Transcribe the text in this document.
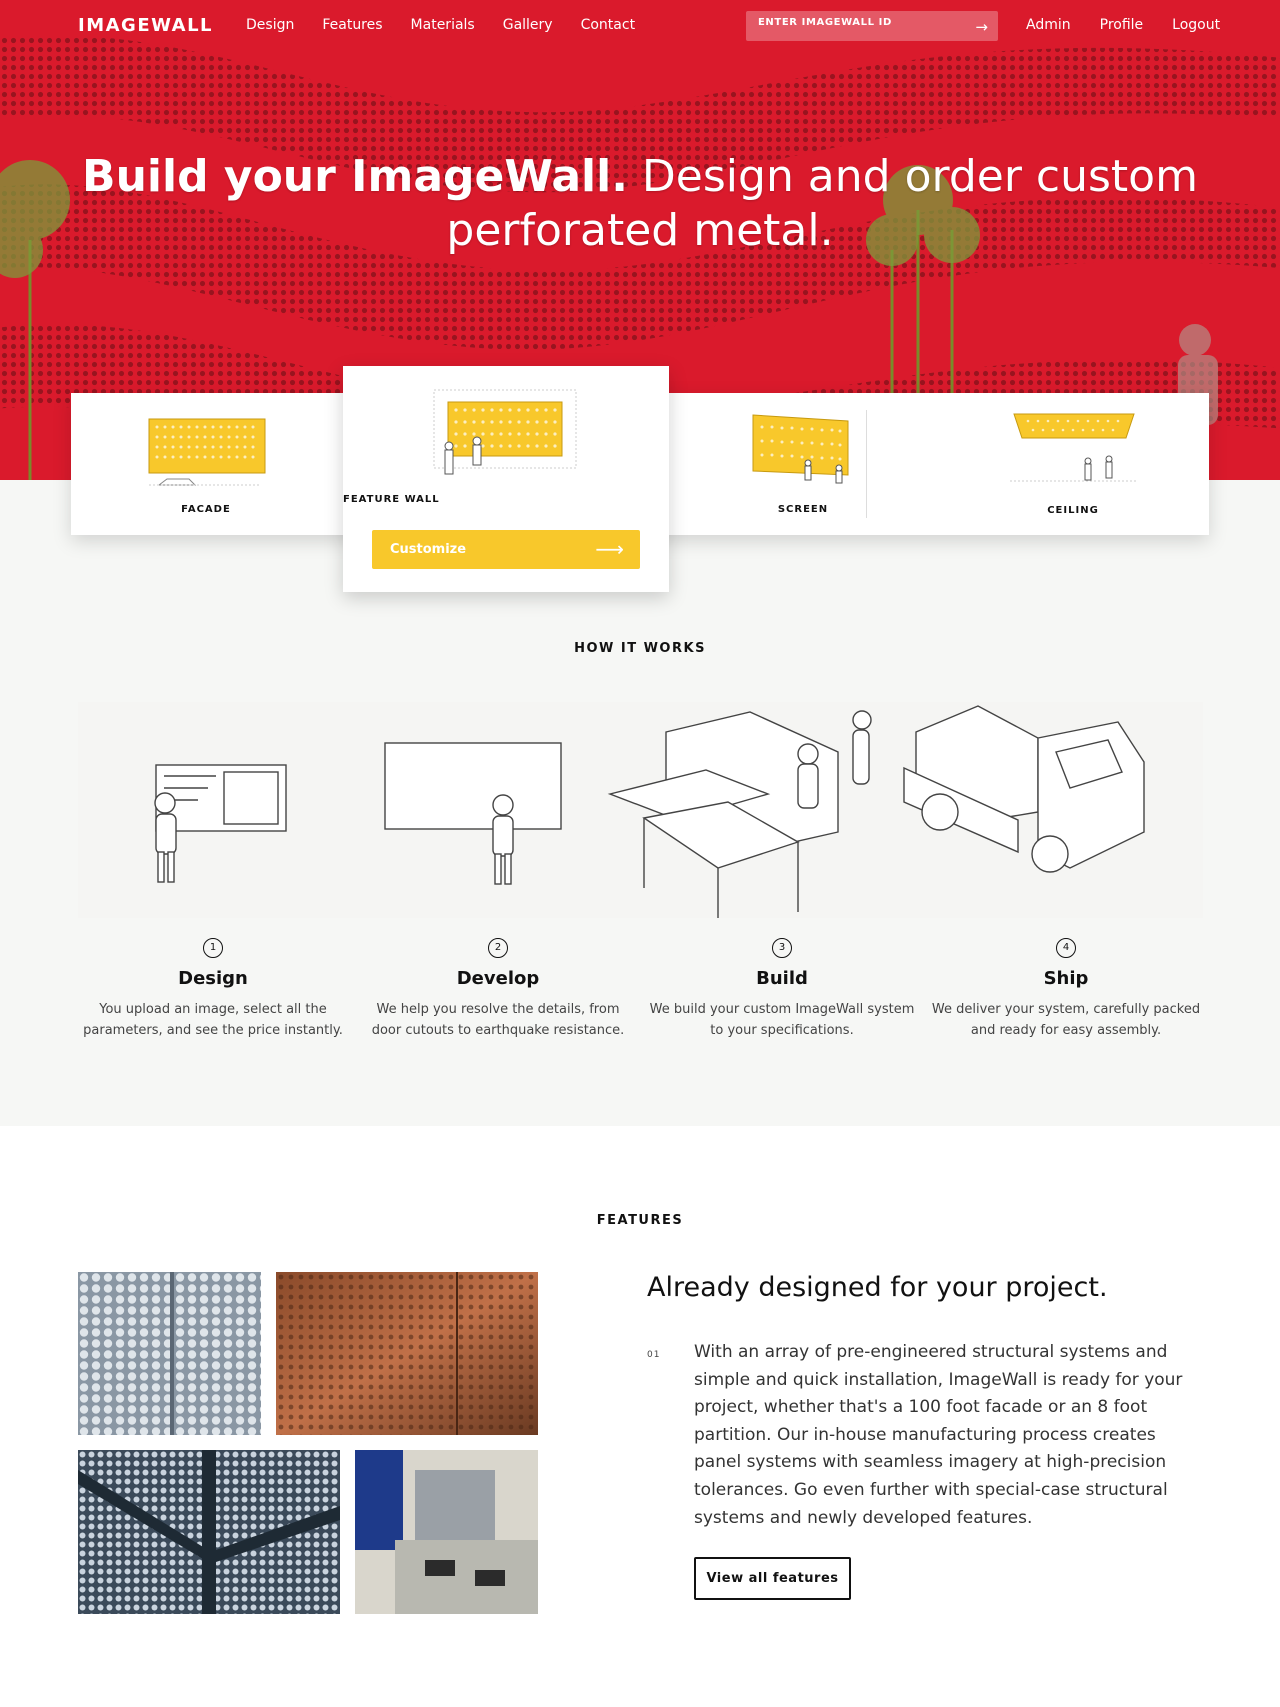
IMAGEWALL Design Features Materials Gallery Contact
ENTER IMAGEWALL ID	→	Admin Profile Logout
Build your ImageWall. Design and order custom perforated metal.
FACADE	SCREEN	CEILING
FEATURE WALL
Customize	⟶
HOW IT WORKS
1
Design
You upload an image, select all the parameters, and see the price instantly.
2
Develop
We help you resolve the details, from door cutouts to earthquake resistance.
3
Build
We build your custom ImageWall system to your specifications.
4
Ship
We deliver your system, carefully packed and ready for easy assembly.
FEATURES
Already designed for your project.
01 With an array of pre-engineered structural systems and simple and quick installation, ImageWall is ready for your project, whether that's a 100 foot facade or an 8 foot partition. Our in-house manufacturing process creates panel systems with seamless imagery at high-precision tolerances. Go even further with special-case structural systems and newly developed features.
View all features
